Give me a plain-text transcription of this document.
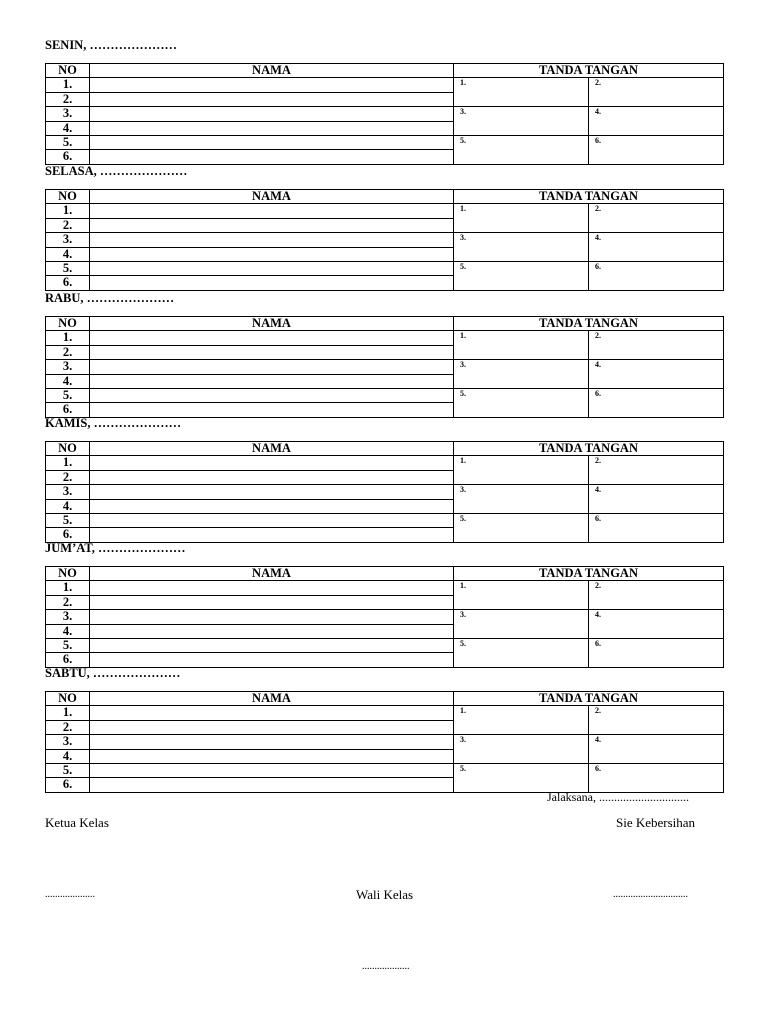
SENIN, …………………
NO	NAMA	TANDA TANGAN	
1.		1.	2.
2.			
3.		3.	4.
4.			
5.		5.	6.
6.			
SELASA, …………………
NO	NAMA	TANDA TANGAN	
1.		1.	2.
2.			
3.		3.	4.
4.			
5.		5.	6.
6.			
RABU, …………………
NO	NAMA	TANDA TANGAN	
1.		1.	2.
2.			
3.		3.	4.
4.			
5.		5.	6.
6.			
KAMIS, …………………
NO	NAMA	TANDA TANGAN	
1.		1.	2.
2.			
3.		3.	4.
4.			
5.		5.	6.
6.			
JUM’AT, …………………
NO	NAMA	TANDA TANGAN	
1.		1.	2.
2.			
3.		3.	4.
4.			
5.		5.	6.
6.			
SABTU, …………………
NO	NAMA	TANDA TANGAN	
1.		1.	2.
2.			
3.		3.	4.
4.			
5.		5.	6.
6.			
Jalaksana, ..............................
Ketua Kelas	Sie Kebersihan
....................	Wali Kelas	..............................
...................
